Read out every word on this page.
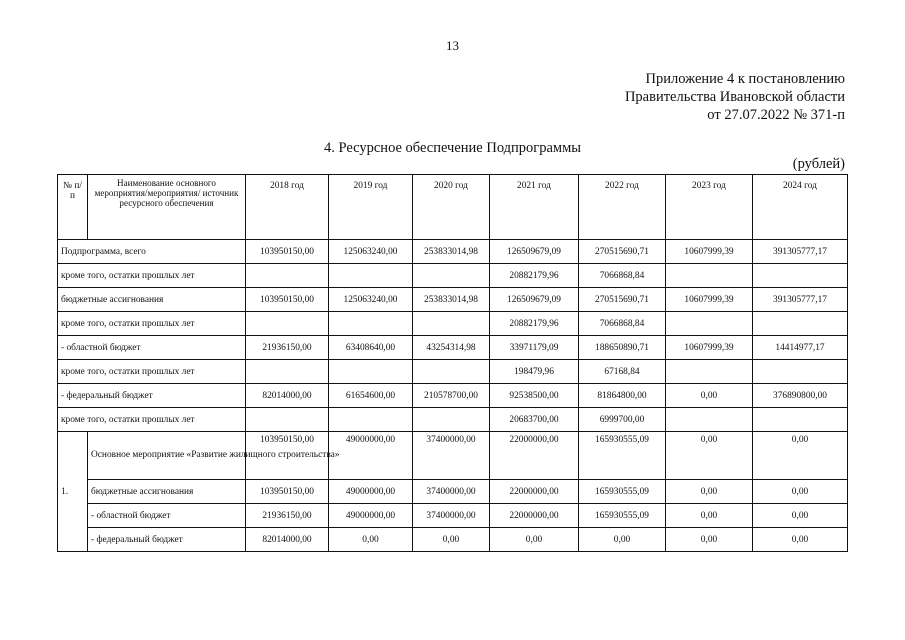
13
Приложение 4 к постановлению
Правительства Ивановской области
от 27.07.2022 № 371-п
4. Ресурсное обеспечение Подпрограммы
(рублей)
№ п/п	Наименование основного мероприятия/мероприятия/ источник ресурсного обеспечения	2018 год	2019 год	2020 год	2021 год	2022 год	2023 год	2024 год
Подпрограмма, всего		103950150,00	125063240,00	253833014,98	126509679,09	270515690,71	10607999,39	391305777,17
кроме того, остатки прошлых лет					20882179,96	7066868,84		
бюджетные ассигнования		103950150,00	125063240,00	253833014,98	126509679,09	270515690,71	10607999,39	391305777,17
кроме того, остатки прошлых лет					20882179,96	7066868,84		
- областной бюджет		21936150,00	63408640,00	43254314,98	33971179,09	188650890,71	10607999,39	14414977,17
кроме того, остатки прошлых лет					198479,96	67168,84		
- федеральный бюджет		82014000,00	61654600,00	210578700,00	92538500,00	81864800,00	0,00	376890800,00
кроме того, остатки прошлых лет					20683700,00	6999700,00		
1.	Основное мероприятие «Развитие жилищного строительства»	103950150,00	49000000,00	37400000,00	22000000,00	165930555,09	0,00	0,00
	бюджетные ассигнования	103950150,00	49000000,00	37400000,00	22000000,00	165930555,09	0,00	0,00
	- областной бюджет	21936150,00	49000000,00	37400000,00	22000000,00	165930555,09	0,00	0,00
	- федеральный бюджет	82014000,00	0,00	0,00	0,00	0,00	0,00	0,00
